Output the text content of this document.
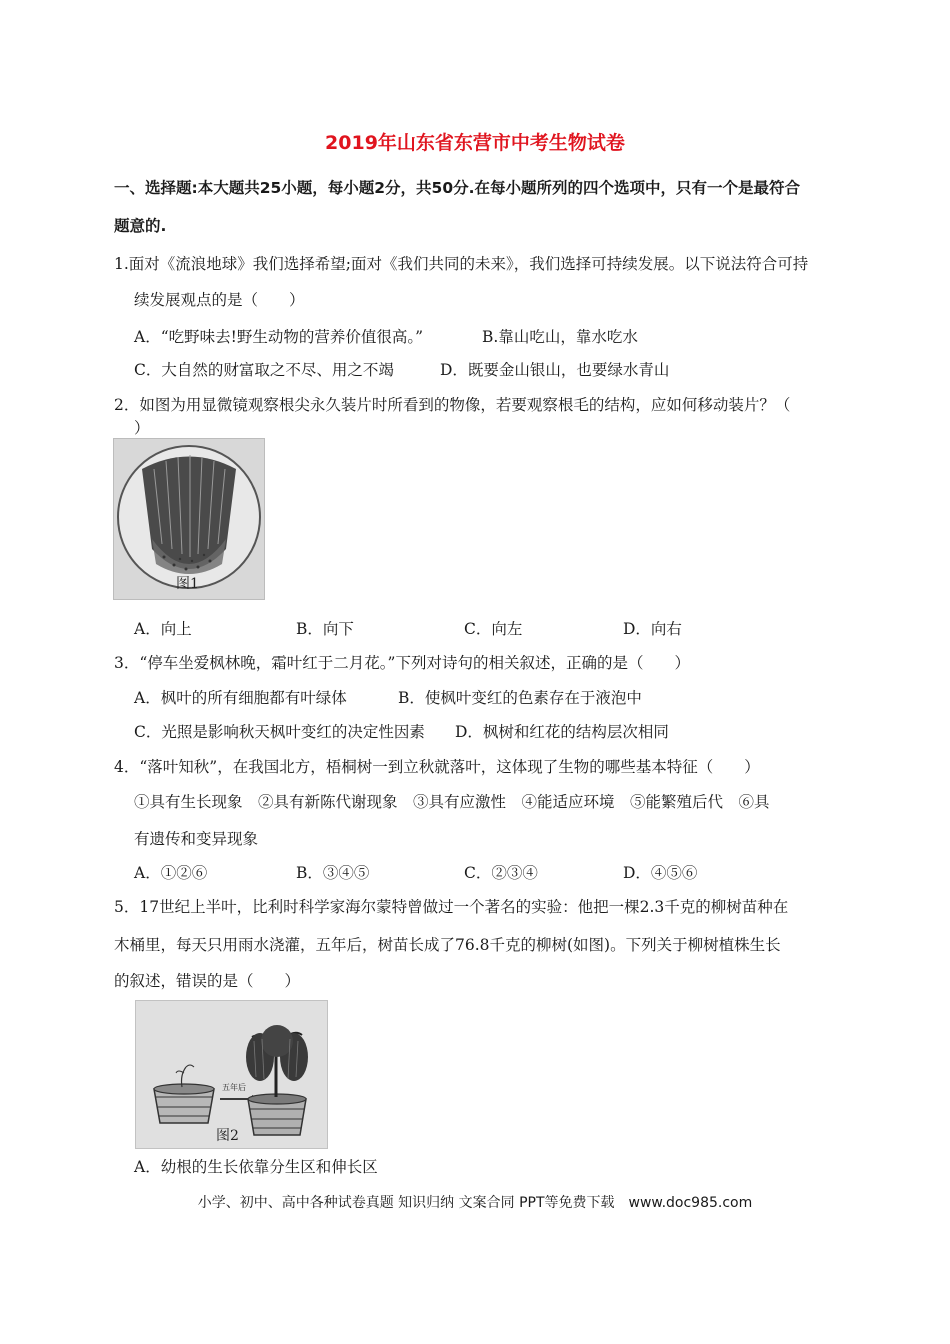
2019年山东省东营市中考生物试卷
一、选择题:本大题共25小题，每小题2分，共50分.在每小题所列的四个选项中，只有一个是最符合
题意的.
1.面对《流浪地球》我们选择希望;面对《我们共同的未来》，我们选择可持续发展。以下说法符合可持
续发展观点的是（　　）
A．“吃野味去!野生动物的营养价值很高。”	B.靠山吃山，靠水吃水
C．大自然的财富取之不尽、用之不竭	D．既要金山银山，也要绿水青山
2．如图为用显微镜观察根尖永久装片时所看到的物像，若要观察根毛的结构，应如何移动装片？（
）
图1
A．向上	B．向下	C．向左	D．向右
3．“停车坐爱枫林晚，霜叶红于二月花。”下列对诗句的相关叙述，正确的是（　　）
A．枫叶的所有细胞都有叶绿体	B．使枫叶变红的色素存在于液泡中
C．光照是影响秋天枫叶变红的决定性因素 D．枫树和红花的结构层次相同
4．“落叶知秋”，在我国北方，梧桐树一到立秋就落叶，这体现了生物的哪些基本特征（　　）
①具有生长现象　②具有新陈代谢现象　③具有应激性　④能适应环境　⑤能繁殖后代　⑥具
有遗传和变异现象
A．①②⑥	B．③④⑤	C．②③④	D．④⑤⑥
5．17世纪上半叶，比利时科学家海尔蒙特曾做过一个著名的实验：他把一棵2.3千克的柳树苗种在
木桶里，每天只用雨水浇灌，五年后，树苗长成了76.8千克的柳树(如图)。下列关于柳树植株生长
的叙述，错误的是（　　）
五年后
图2
A．幼根的生长依靠分生区和伸长区
小学、初中、高中各种试卷真题 知识归纳 文案合同 PPT等免费下载　www.doc985.com
